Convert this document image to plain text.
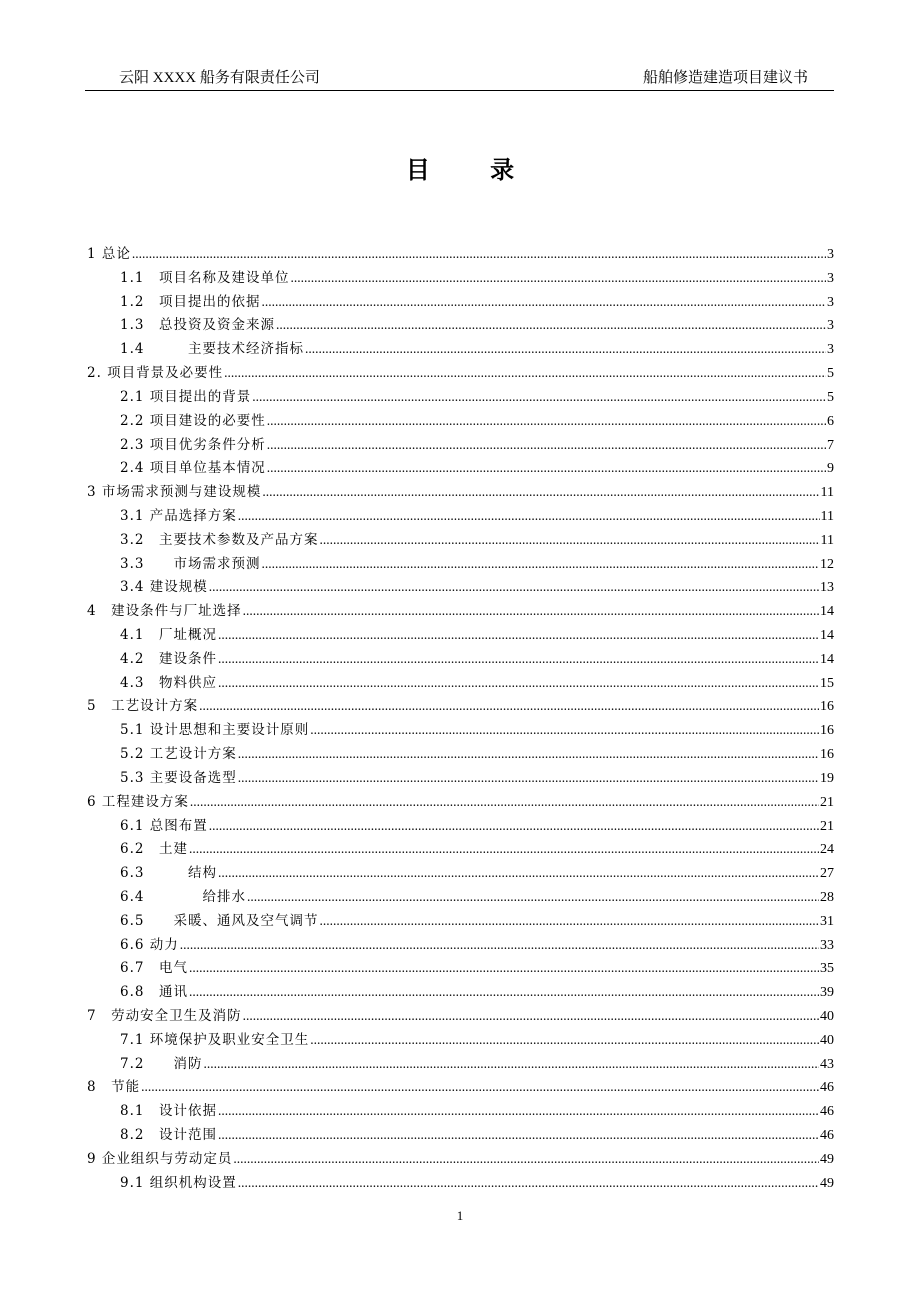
云阳 XXXX 船务有限责任公司	船舶修造建造项目建议书
目 录
1 总论 .....	3
1.1　项目名称及建设单位 .....	3
1.2　项目提出的依据 .....	3
1.3　总投资及资金来源 .....	3
1.4　　　主要技术经济指标 .....	3
2. 项目背景及必要性 .....	5
2.1 项目提出的背景 .....	5
2.2 项目建设的必要性 .....	6
2.3 项目优劣条件分析 .....	7
2.4 项目单位基本情况 .....	9
3 市场需求预测与建设规模 .....	11
3.1 产品选择方案 .....	11
3.2　主要技术参数及产品方案 .....	11
3.3　　市场需求预测 .....	12
3.4 建设规模 .....	13
4　建设条件与厂址选择 .....	14
4.1　厂址概况 .....	14
4.2　建设条件 .....	14
4.3　物料供应 .....	15
5　工艺设计方案 .....	16
5.1 设计思想和主要设计原则 .....	16
5.2 工艺设计方案 .....	16
5.3 主要设备选型 .....	19
6 工程建设方案 .....	21
6.1 总图布置 .....	21
6.2　土建 .....	24
6.3　　　结构 .....	27
6.4　　　　给排水 .....	28
6.5　　采暖、通风及空气调节 .....	31
6.6 动力 .....	33
6.7　电气 .....	35
6.8　通讯 .....	39
7　劳动安全卫生及消防 .....	40
7.1 环境保护及职业安全卫生 .....	40
7.2　　消防 .....	43
8　节能 .....	46
8.1　设计依据 .....	46
8.2　设计范围 .....	46
9 企业组织与劳动定员 .....	49
9.1 组织机构设置 .....	49
1
